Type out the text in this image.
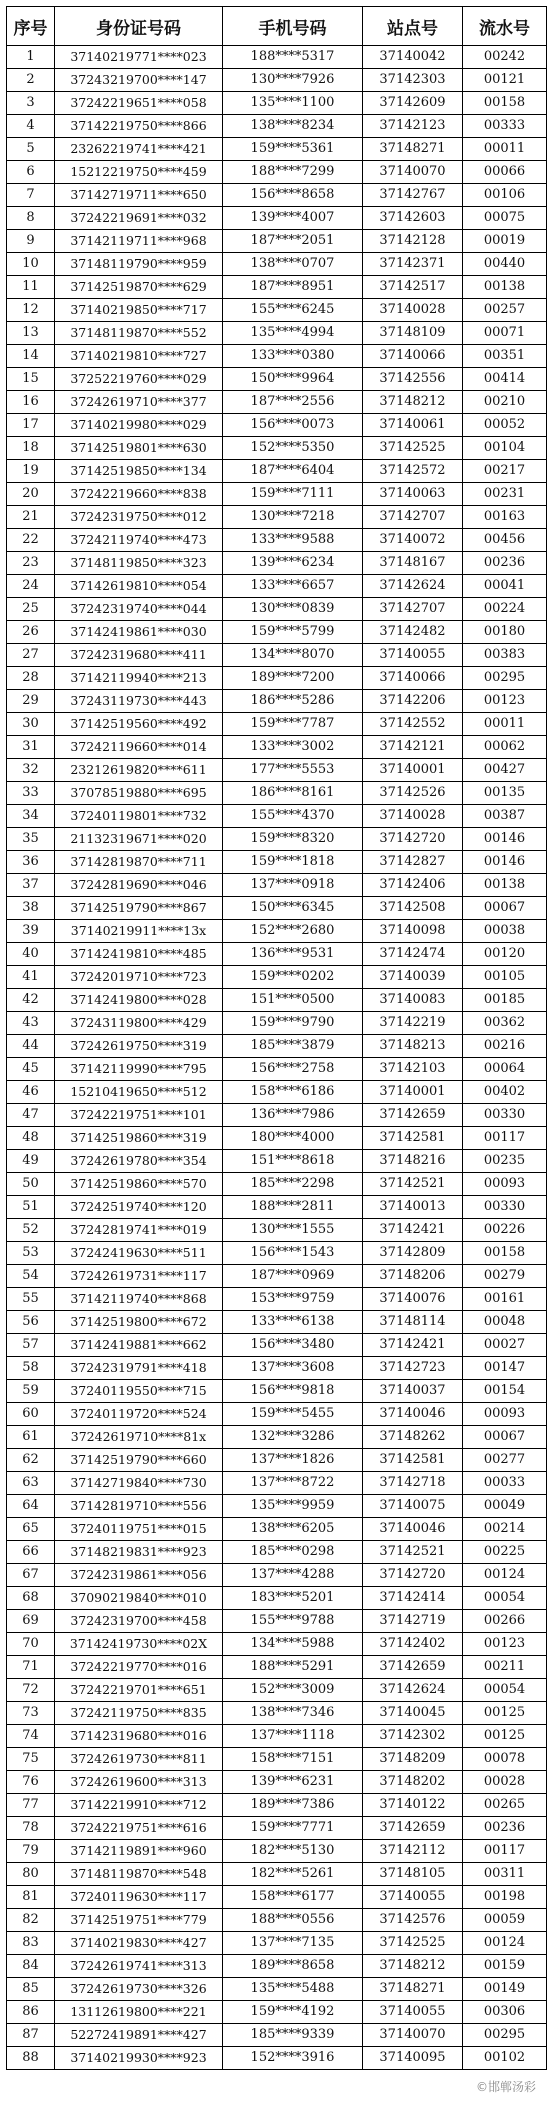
序号	身份证号码	手机号码	站点号	流水号
1	37140219771****023	188****5317	37140042	00242
2	37243219700****147	130****7926	37142303	00121
3	37242219651****058	135****1100	37142609	00158
4	37142219750****866	138****8234	37142123	00333
5	23262219741****421	159****5361	37148271	00011
6	15212219750****459	188****7299	37140070	00066
7	37142719711****650	156****8658	37142767	00106
8	37242219691****032	139****4007	37142603	00075
9	37142119711****968	187****2051	37142128	00019
10	37148119790****959	138****0707	37142371	00440
11	37142519870****629	187****8951	37142517	00138
12	37140219850****717	155****6245	37140028	00257
13	37148119870****552	135****4994	37148109	00071
14	37140219810****727	133****0380	37140066	00351
15	37252219760****029	150****9964	37142556	00414
16	37242619710****377	187****2556	37148212	00210
17	37140219980****029	156****0073	37140061	00052
18	37142519801****630	152****5350	37142525	00104
19	37142519850****134	187****6404	37142572	00217
20	37242219660****838	159****7111	37140063	00231
21	37242319750****012	130****7218	37142707	00163
22	37242119740****473	133****9588	37140072	00456
23	37148119850****323	139****6234	37148167	00236
24	37142619810****054	133****6657	37142624	00041
25	37242319740****044	130****0839	37142707	00224
26	37142419861****030	159****5799	37142482	00180
27	37242319680****411	134****8070	37140055	00383
28	37142119940****213	189****7200	37140066	00295
29	37243119730****443	186****5286	37142206	00123
30	37142519560****492	159****7787	37142552	00011
31	37242119660****014	133****3002	37142121	00062
32	23212619820****611	177****5553	37140001	00427
33	37078519880****695	186****8161	37142526	00135
34	37240119801****732	155****4370	37140028	00387
35	21132319671****020	159****8320	37142720	00146
36	37142819870****711	159****1818	37142827	00146
37	37242819690****046	137****0918	37142406	00138
38	37142519790****867	150****6345	37142508	00067
39	37140219911****13x	152****2680	37140098	00038
40	37142419810****485	136****9531	37142474	00120
41	37242019710****723	159****0202	37140039	00105
42	37142419800****028	151****0500	37140083	00185
43	37243119800****429	159****9790	37142219	00362
44	37242619750****319	185****3879	37148213	00216
45	37142119990****795	156****2758	37142103	00064
46	15210419650****512	158****6186	37140001	00402
47	37242219751****101	136****7986	37142659	00330
48	37142519860****319	180****4000	37142581	00117
49	37242619780****354	151****8618	37148216	00235
50	37142519860****570	185****2298	37142521	00093
51	37242519740****120	188****2811	37140013	00330
52	37242819741****019	130****1555	37142421	00226
53	37242419630****511	156****1543	37142809	00158
54	37242619731****117	187****0969	37148206	00279
55	37142119740****868	153****9759	37140076	00161
56	37142519800****672	133****6138	37148114	00048
57	37142419881****662	156****3480	37142421	00027
58	37242319791****418	137****3608	37142723	00147
59	37240119550****715	156****9818	37140037	00154
60	37240119720****524	159****5455	37140046	00093
61	37242619710****81x	132****3286	37148262	00067
62	37142519790****660	137****1826	37142581	00277
63	37142719840****730	137****8722	37142718	00033
64	37142819710****556	135****9959	37140075	00049
65	37240119751****015	138****6205	37140046	00214
66	37148219831****923	185****0298	37142521	00225
67	37242319861****056	137****4288	37142720	00124
68	37090219840****010	183****5201	37142414	00054
69	37242319700****458	155****9788	37142719	00266
70	37142419730****02X	134****5988	37142402	00123
71	37242219770****016	188****5291	37142659	00211
72	37242219701****651	152****3009	37142624	00054
73	37242119750****835	138****7346	37140045	00125
74	37142319680****016	137****1118	37142302	00125
75	37242619730****811	158****7151	37148209	00078
76	37242619600****313	139****6231	37148202	00028
77	37142219910****712	189****7386	37140122	00265
78	37242219751****616	159****7771	37142659	00236
79	37142119891****960	182****5130	37142112	00117
80	37148119870****548	182****5261	37148105	00311
81	37240119630****117	158****6177	37140055	00198
82	37142519751****779	188****0556	37142576	00059
83	37140219830****427	137****7135	37142525	00124
84	37242619741****313	189****8658	37148212	00159
85	37242619730****326	135****5488	37148271	00149
86	13112619800****221	159****4192	37140055	00306
87	52272419891****427	185****9339	37140070	00295
88	37140219930****923	152****3916	37140095	00102
©邯郸汤彩
